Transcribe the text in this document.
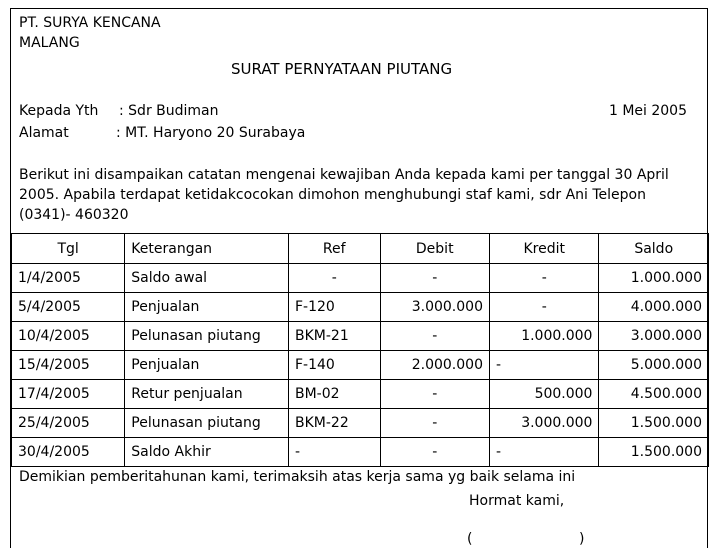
PT. SURYA KENCANA
MALANG
SURAT PERNYATAAN PIUTANG
Kepada Yth : Sdr Budiman
Alamat	: MT. Haryono 20 Surabaya
1 Mei 2005
Berikut ini disampaikan catatan mengenai kewajiban Anda kepada kami per tanggal 30 April 2005. Apabila terdapat ketidakcocokan dimohon menghubungi staf kami, sdr Ani Telepon (0341)- 460320
Tgl	Keterangan	Ref	Debit	Kredit	Saldo
1/4/2005	Saldo awal	-	-	-	1.000.000
5/4/2005	Penjualan	F-120	3.000.000	-	4.000.000
10/4/2005	Pelunasan piutang	BKM-21	-	1.000.000	3.000.000
15/4/2005	Penjualan	F-140	2.000.000	-	5.000.000
17/4/2005	Retur penjualan	BM-02	-	500.000	4.500.000
25/4/2005	Pelunasan piutang	BKM-22	-	3.000.000	1.500.000
30/4/2005	Saldo Akhir	-	-	-	1.500.000
Demikian pemberitahunan kami, terimaksih atas kerja sama yg baik selama ini
Hormat kami,
(	)
